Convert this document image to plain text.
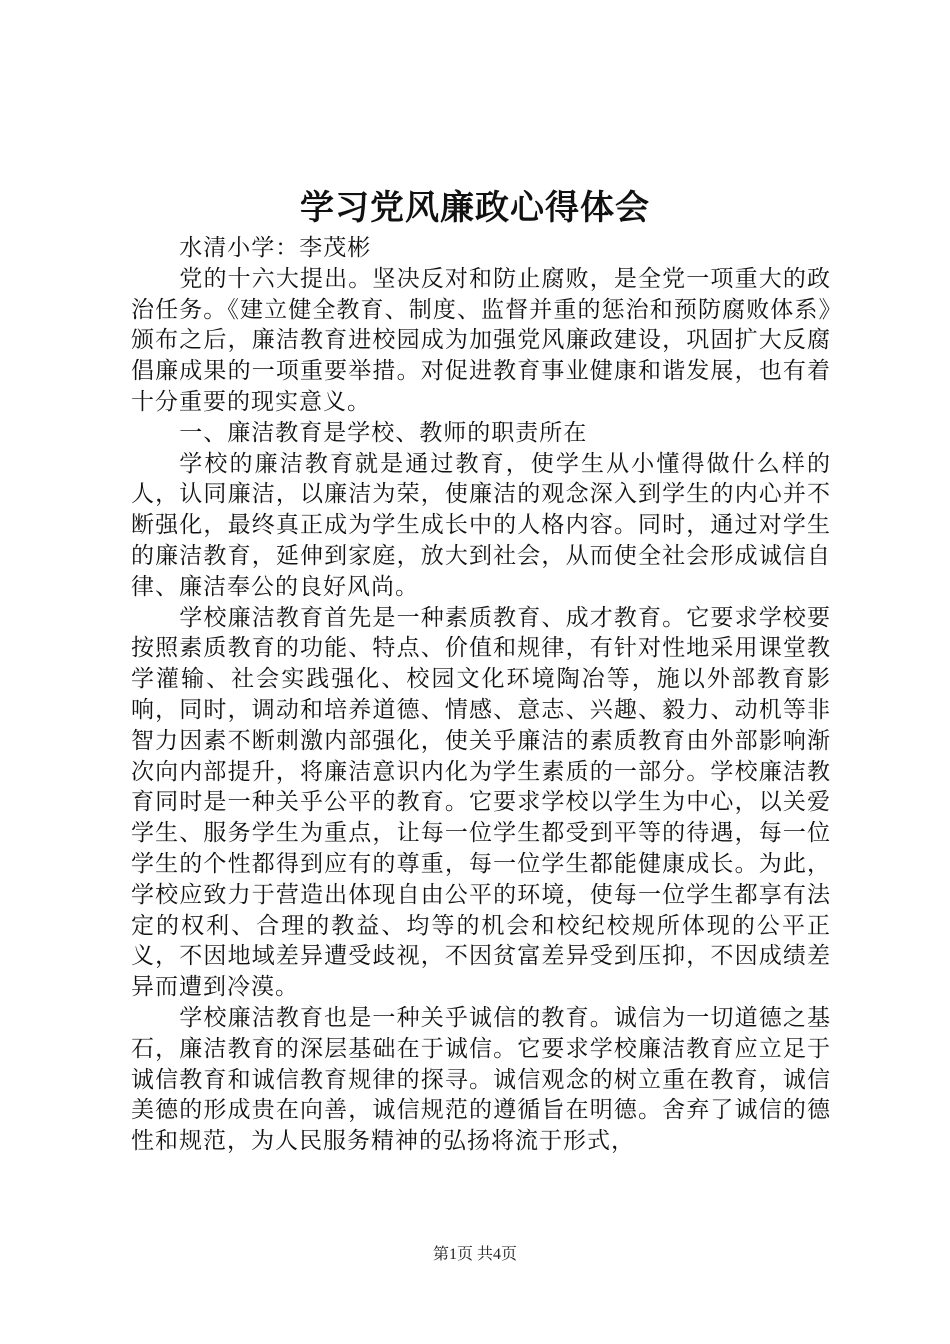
学习党风廉政心得体会

水清小学：李茂彬

党的十六大提出。坚决反对和防止腐败，是全党一项重大的政治任务。《建立健全教育、制度、监督并重的惩治和预防腐败体系》颁布之后，廉洁教育进校园成为加强党风廉政建设，巩固扩大反腐倡廉成果的一项重要举措。对促进教育事业健康和谐发展，也有着十分重要的现实意义。

一、廉洁教育是学校、教师的职责所在

学校的廉洁教育就是通过教育，使学生从小懂得做什么样的人，认同廉洁，以廉洁为荣，使廉洁的观念深入到学生的内心并不断强化，最终真正成为学生成长中的人格内容。同时，通过对学生的廉洁教育，延伸到家庭，放大到社会，从而使全社会形成诚信自律、廉洁奉公的良好风尚。

学校廉洁教育首先是一种素质教育、成才教育。它要求学校要按照素质教育的功能、特点、价值和规律，有针对性地采用课堂教学灌输、社会实践强化、校园文化环境陶冶等，施以外部教育影响，同时，调动和培养道德、情感、意志、兴趣、毅力、动机等非智力因素不断刺激内部强化，使关乎廉洁的素质教育由外部影响渐次向内部提升，将廉洁意识内化为学生素质的一部分。学校廉洁教育同时是一种关乎公平的教育。它要求学校以学生为中心，以关爱学生、服务学生为重点，让每一位学生都受到平等的待遇，每一位学生的个性都得到应有的尊重，每一位学生都能健康成长。为此，学校应致力于营造出体现自由公平的环境，使每一位学生都享有法定的权利、合理的教益、均等的机会和校纪校规所体现的公平正义，不因地域差异遭受歧视，不因贫富差异受到压抑，不因成绩差异而遭到冷漠。

学校廉洁教育也是一种关乎诚信的教育。诚信为一切道德之基石，廉洁教育的深层基础在于诚信。它要求学校廉洁教育应立足于诚信教育和诚信教育规律的探寻。诚信观念的树立重在教育，诚信美德的形成贵在向善，诚信规范的遵循旨在明德。舍弃了诚信的德性和规范，为人民服务精神的弘扬将流于形式，

第1页 共4页
